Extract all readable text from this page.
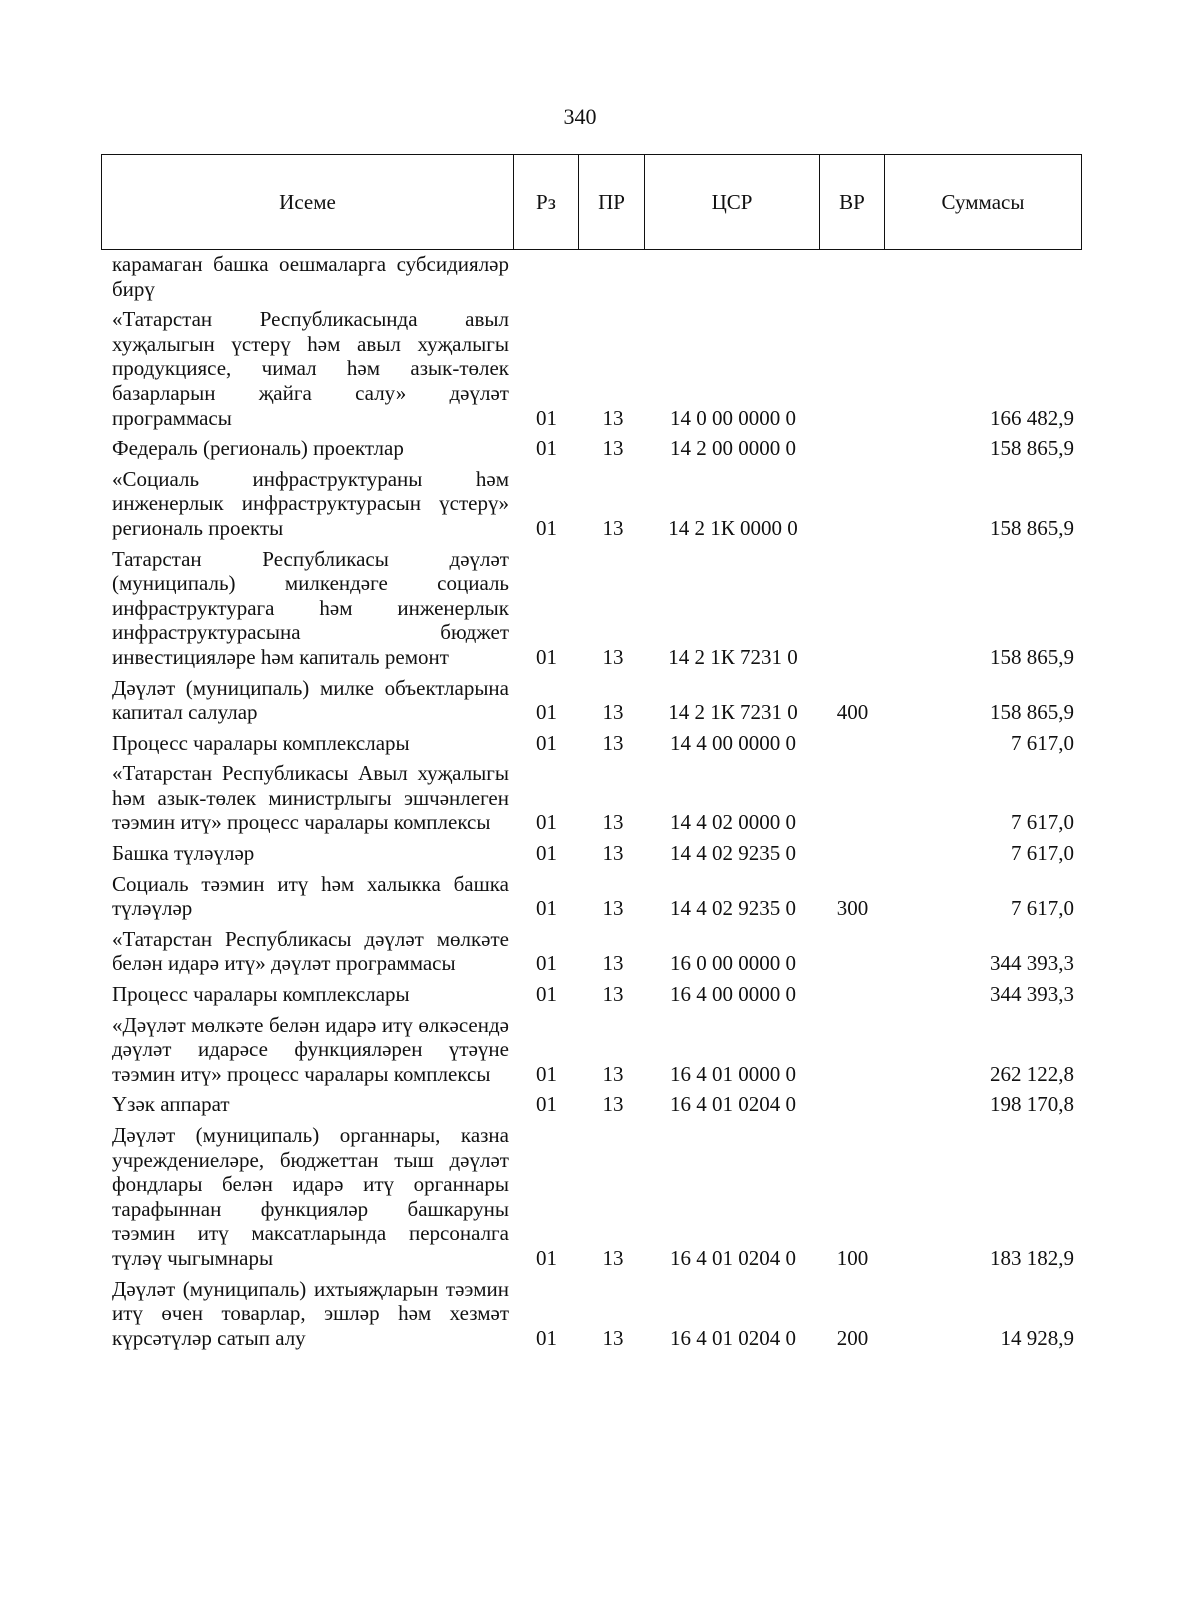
340
Исеме	Рз	ПР	ЦСР	ВР	Суммасы
карамаган башка оешмаларга субсидияләр бирү					
«Татарстан Республикасында авыл хуҗалыгын үстерү һәм авыл хуҗалыгы продукциясе, чимал һәм азык-төлек базарларын җайга салу» дәүләт программасы	01	13	14 0 00 0000 0		166 482,9
Федераль (региональ) проектлар	01	13	14 2 00 0000 0		158 865,9
«Социаль инфраструктураны һәм инженерлык инфраструктурасын үстерү» региональ проекты	01	13	14 2 1К 0000 0		158 865,9
Татарстан Республикасы дәүләт (муниципаль) милкендәге социаль инфраструктурага һәм инженерлык инфраструктурасына бюджет инвестицияләре һәм капиталь ремонт	01	13	14 2 1К 7231 0		158 865,9
Дәүләт (муниципаль) милке объектларына капитал салулар	01	13	14 2 1К 7231 0	400	158 865,9
Процесс чаралары комплекслары	01	13	14 4 00 0000 0		7 617,0
«Татарстан Республикасы Авыл хуҗалыгы һәм азык-төлек министрлыгы эшчәнлеген тәэмин итү» процесс чаралары комплексы	01	13	14 4 02 0000 0		7 617,0
Башка түләүләр	01	13	14 4 02 9235 0		7 617,0
Социаль тәэмин итү һәм халыкка башка түләүләр	01	13	14 4 02 9235 0	300	7 617,0
«Татарстан Республикасы дәүләт мөлкәте белән идарә итү» дәүләт программасы	01	13	16 0 00 0000 0		344 393,3
Процесс чаралары комплекслары	01	13	16 4 00 0000 0		344 393,3
«Дәүләт мөлкәте белән идарә итү өлкәсендә дәүләт идарәсе функцияләрен үтәүне тәэмин итү» процесс чаралары комплексы	01	13	16 4 01 0000 0		262 122,8
Үзәк аппарат	01	13	16 4 01 0204 0		198 170,8
Дәүләт (муниципаль) органнары, казна учреждениеләре, бюджеттан тыш дәүләт фондлары белән идарә итү органнары тарафыннан функцияләр башкаруны тәэмин итү максатларында персоналга түләү чыгымнары	01	13	16 4 01 0204 0	100	183 182,9
Дәүләт (муниципаль) ихтыяҗларын тәэмин итү өчен товарлар, эшләр һәм хезмәт күрсәтүләр сатып алу	01	13	16 4 01 0204 0	200	14 928,9
